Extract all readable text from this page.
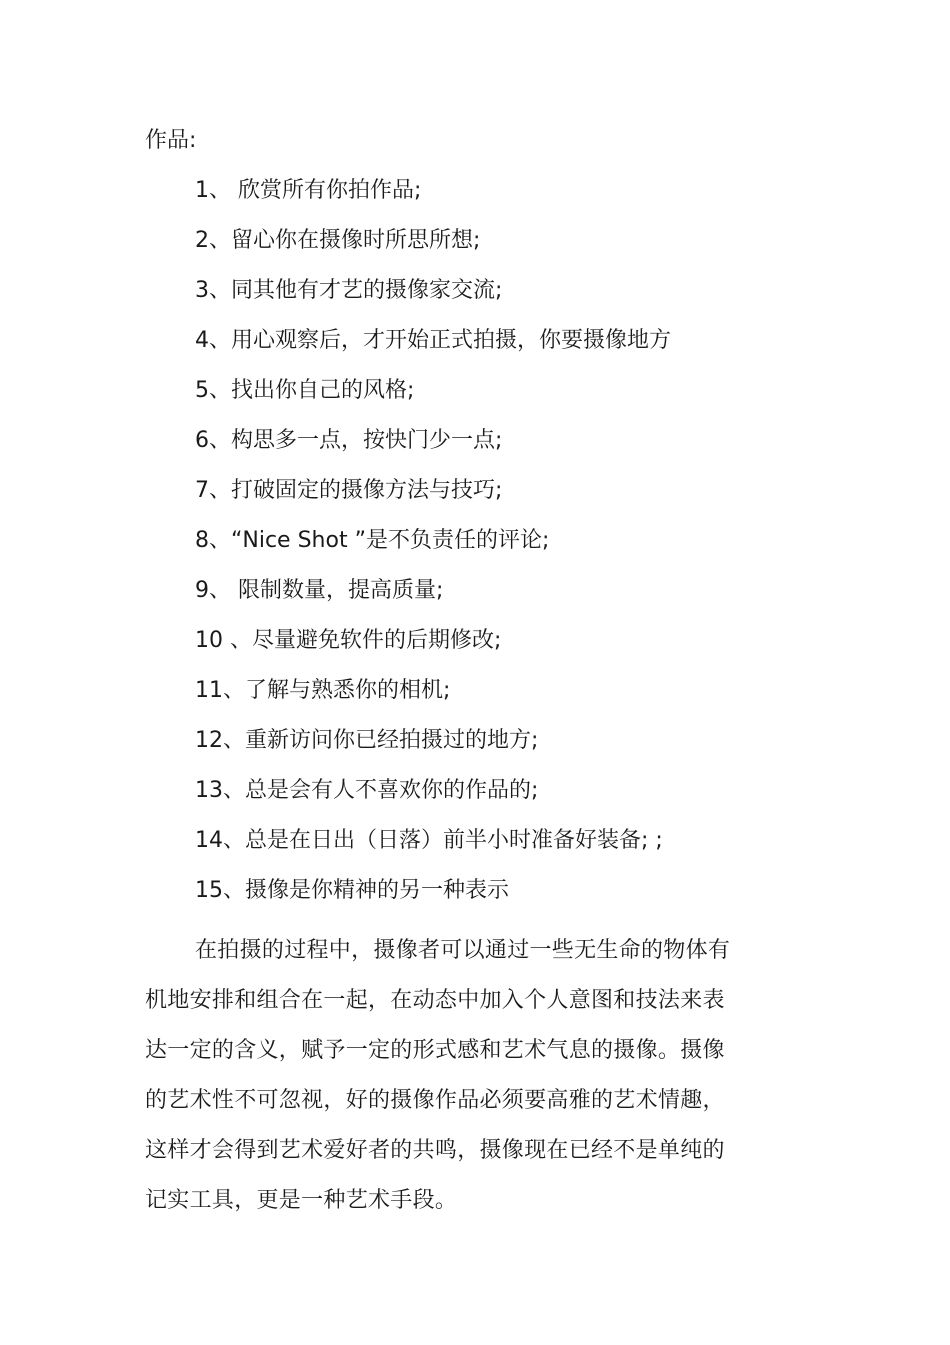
作品:
1、 欣赏所有你拍作品;
2、留心你在摄像时所思所想;
3、同其他有才艺的摄像家交流;
4、用心观察后，才开始正式拍摄，你要摄像地方
5、找出你自己的风格;
6、构思多一点，按快门少一点;
7、打破固定的摄像方法与技巧;
8、“Nice Shot ”是不负责任的评论;
9、 限制数量，提高质量;
10 、尽量避免软件的后期修改;
11、了解与熟悉你的相机;
12、重新访问你已经拍摄过的地方;
13、总是会有人不喜欢你的作品的;
14、总是在日出（日落）前半小时准备好装备; ;
15、摄像是你精神的另一种表示

在拍摄的过程中，摄像者可以通过一些无生命的物体有机地安排和组合在一起，在动态中加入个人意图和技法来表达一定的含义，赋予一定的形式感和艺术气息的摄像。摄像的艺术性不可忽视，好的摄像作品必须要高雅的艺术情趣，这样才会得到艺术爱好者的共鸣，摄像现在已经不是单纯的记实工具，更是一种艺术手段。
